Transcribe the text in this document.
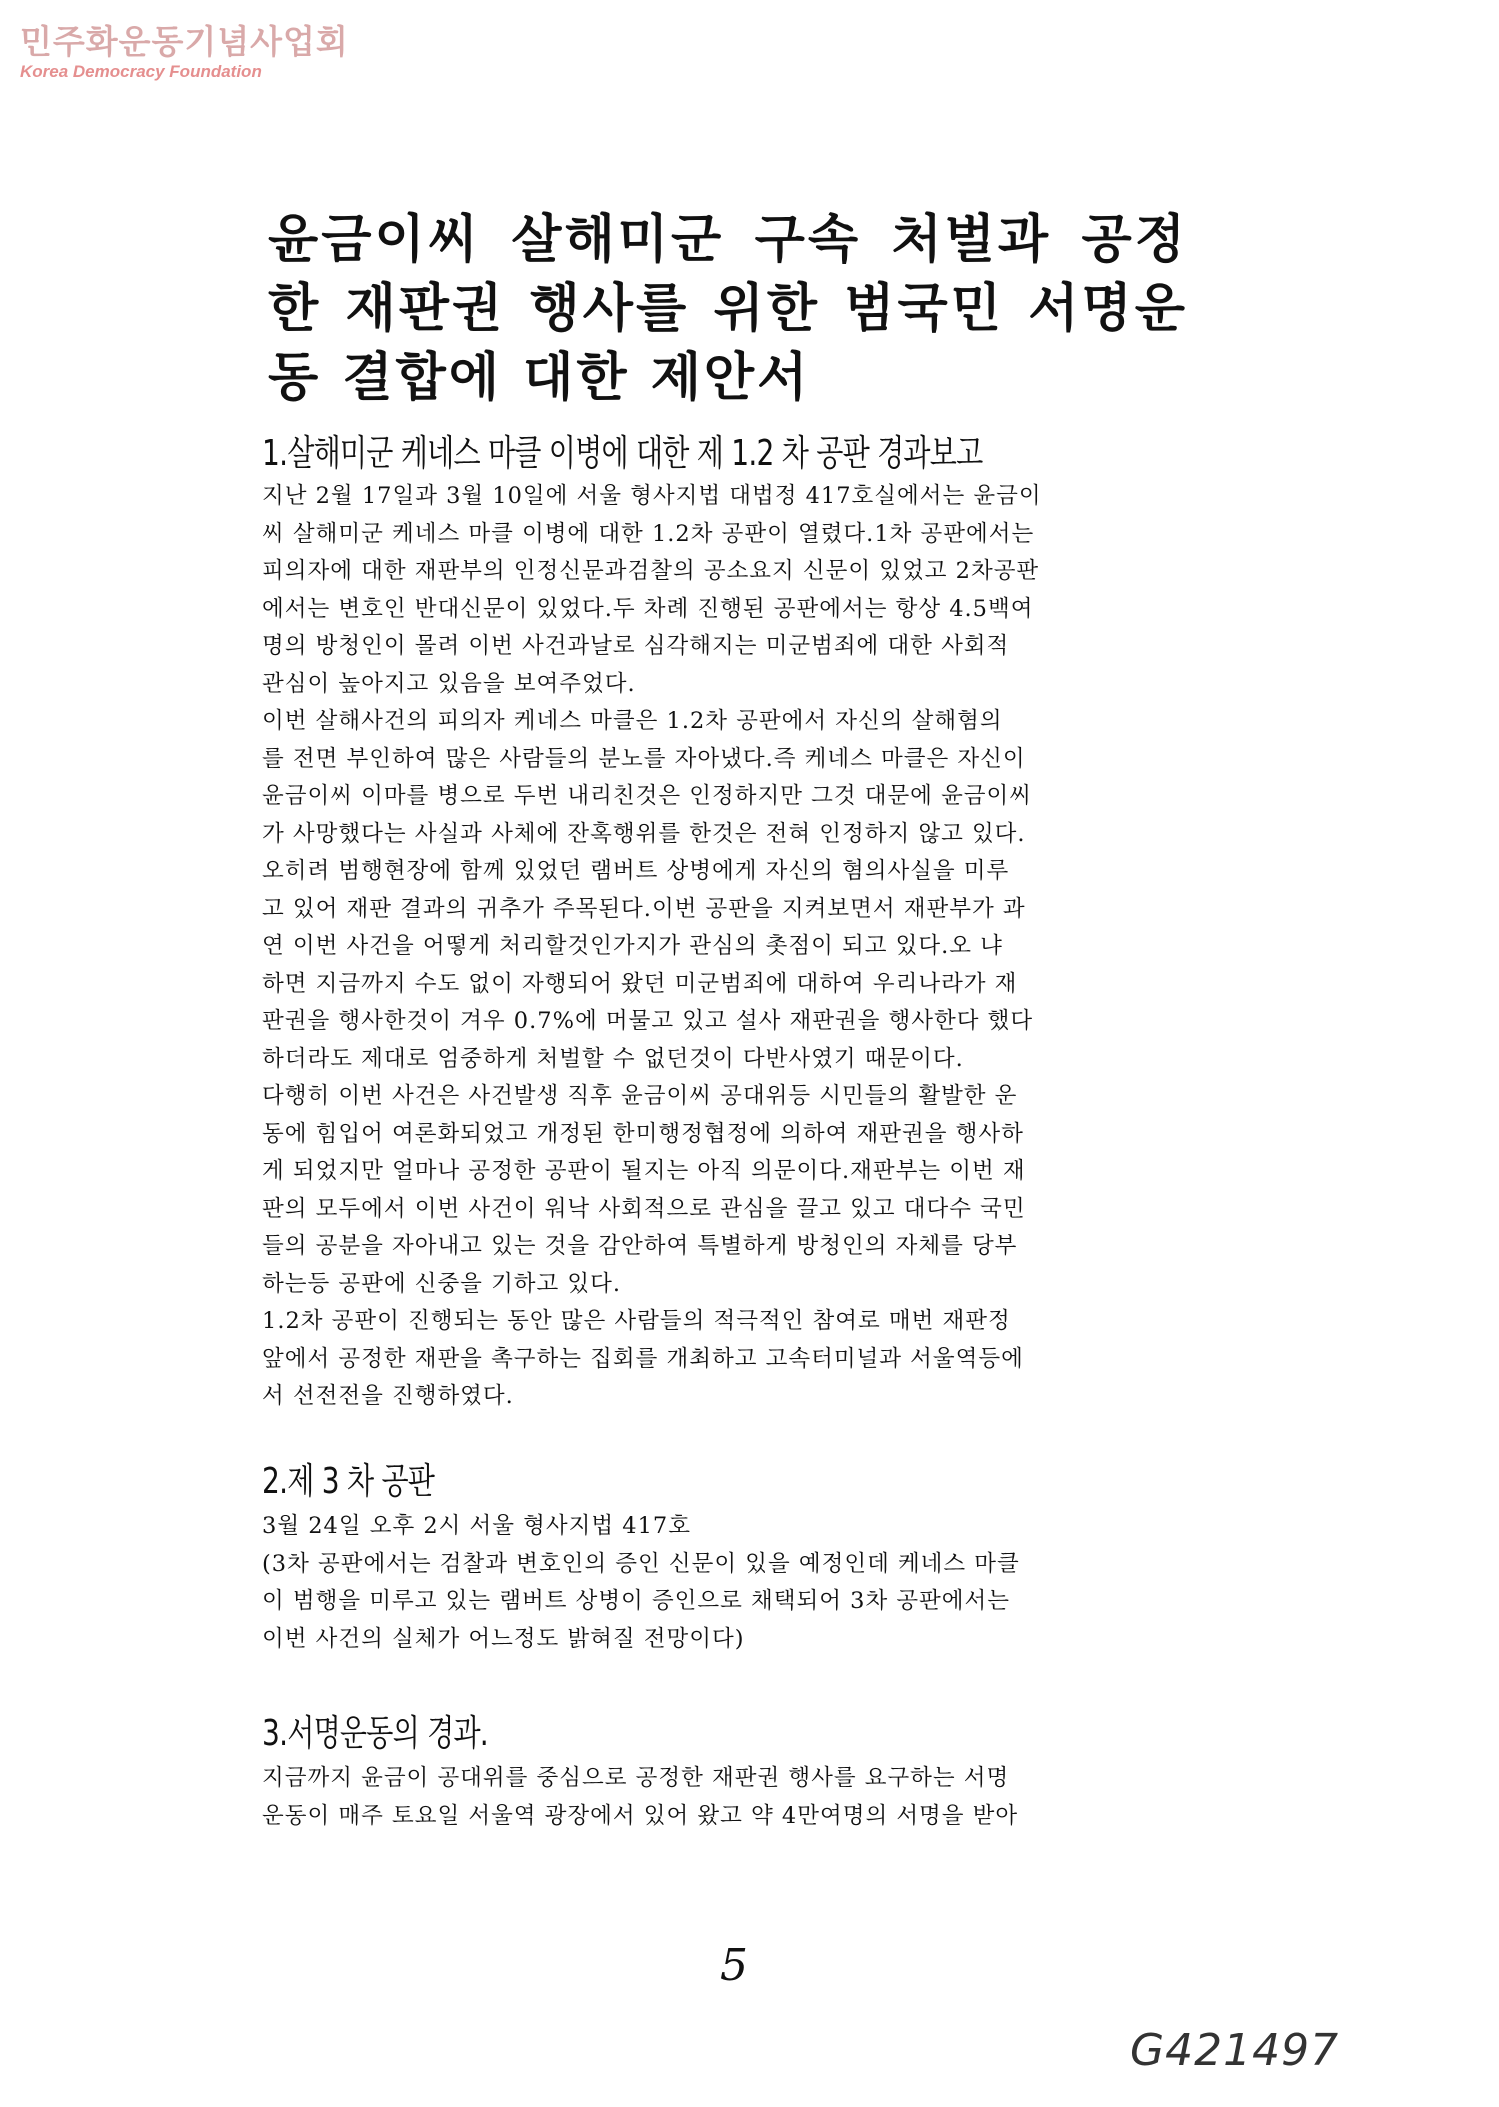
민주화운동기념사업회
Korea Democracy Foundation
윤금이씨 살해미군 구속 처벌과 공정한 재판권 행사를 위한 범국민 서명운동 결합에 대한 제안서
1.살해미군 케네스 마클 이병에 대한 제 1.2 차 공판 경과보고
지난 2월 17일과 3월 10일에 서울 형사지법 대법정 417호실에서는 윤금이
씨 살해미군 케네스 마클 이병에 대한 1.2차 공판이 열렸다.1차 공판에서는
피의자에 대한 재판부의 인정신문과검찰의 공소요지 신문이 있었고 2차공판
에서는 변호인 반대신문이 있었다.두 차례 진행된 공판에서는 항상 4.5백여
명의 방청인이 몰려 이번 사건과날로 심각해지는 미군범죄에 대한 사회적
관심이 높아지고 있음을 보여주었다.
이번 살해사건의 피의자 케네스 마클은 1.2차 공판에서 자신의 살해혐의
를 전면 부인하여 많은 사람들의 분노를 자아냈다.즉 케네스 마클은 자신이
윤금이씨 이마를 병으로 두번 내리친것은 인정하지만 그것 대문에 윤금이씨
가 사망했다는 사실과 사체에 잔혹행위를 한것은 전혀 인정하지 않고 있다.
오히려 범행현장에 함께 있었던 램버트 상병에게 자신의 혐의사실을 미루
고 있어 재판 결과의 귀추가 주목된다.이번 공판을 지켜보면서 재판부가 과
연 이번 사건을 어떻게 처리할것인가지가 관심의 촛점이 되고 있다.오 냐
하면 지금까지 수도 없이 자행되어 왔던 미군범죄에 대하여 우리나라가 재
판권을 행사한것이 겨우 0.7%에 머물고 있고 설사 재판권을 행사한다 했다
하더라도 제대로 엄중하게 처벌할 수 없던것이 다반사였기 때문이다.
다행히 이번 사건은 사건발생 직후 윤금이씨 공대위등 시민들의 활발한 운
동에 힘입어 여론화되었고 개정된 한미행정협정에 의하여 재판권을 행사하
게 되었지만 얼마나 공정한 공판이 될지는 아직 의문이다.재판부는 이번 재
판의 모두에서 이번 사건이 워낙 사회적으로 관심을 끌고 있고 대다수 국민
들의 공분을 자아내고 있는 것을 감안하여 특별하게 방청인의 자체를 당부
하는등 공판에 신중을 기하고 있다.
1.2차 공판이 진행되는 동안 많은 사람들의 적극적인 참여로 매번 재판정
앞에서 공정한 재판을 촉구하는 집회를 개최하고 고속터미널과 서울역등에
서 선전전을 진행하였다.
2.제 3 차 공판
3월 24일 오후 2시 서울 형사지법 417호
(3차 공판에서는 검찰과 변호인의 증인 신문이 있을 예정인데 케네스 마클
이 범행을 미루고 있는 램버트 상병이 증인으로 채택되어 3차 공판에서는
이번 사건의 실체가 어느정도 밝혀질 전망이다)
3.서명운동의 경과.
지금까지 윤금이 공대위를 중심으로 공정한 재판권 행사를 요구하는 서명
운동이 매주 토요일 서울역 광장에서 있어 왔고 약 4만여명의 서명을 받아
5
G421497
